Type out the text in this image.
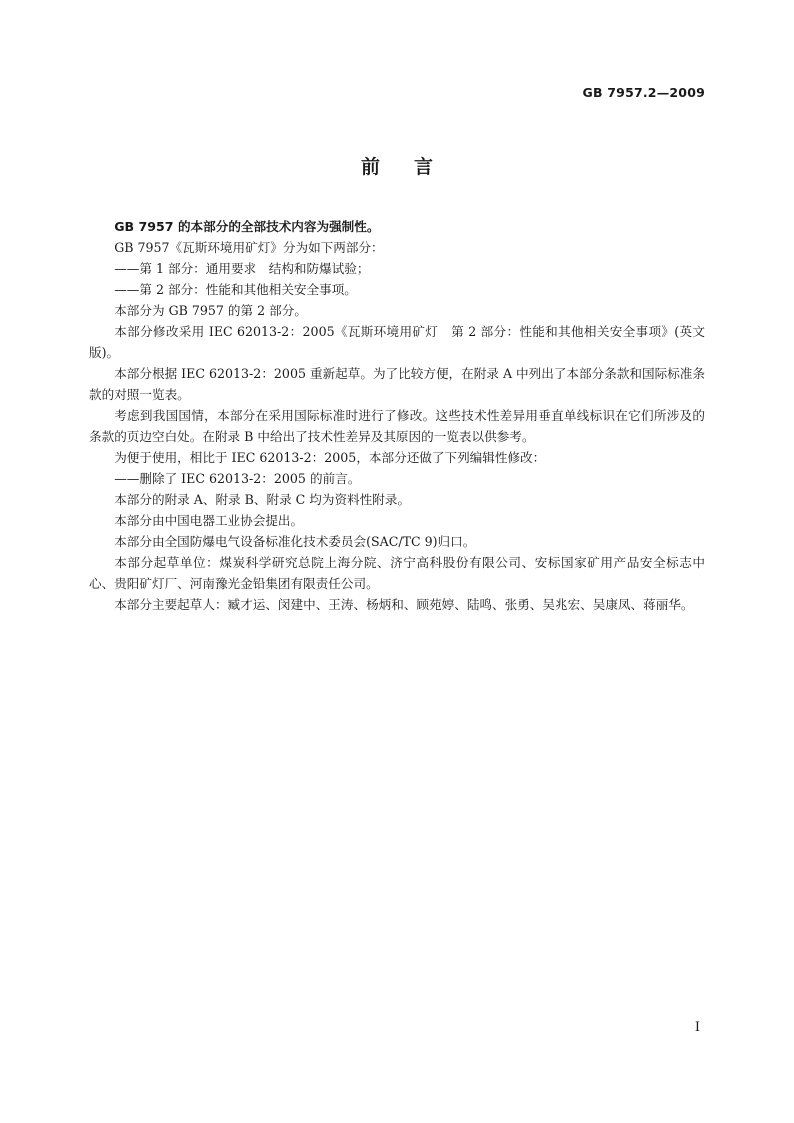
GB 7957.2—2009
前言

GB 7957 的本部分的全部技术内容为强制性。

GB 7957《瓦斯环境用矿灯》分为如下两部分：

——第 1 部分：通用要求　结构和防爆试验；

——第 2 部分：性能和其他相关安全事项。

本部分为 GB 7957 的第 2 部分。

本部分修改采用 IEC 62013-2：2005《瓦斯环境用矿灯　第 2 部分：性能和其他相关安全事项》(英文版)。

本部分根据 IEC 62013-2：2005 重新起草。为了比较方便，在附录 A 中列出了本部分条款和国际标准条款的对照一览表。

考虑到我国国情，本部分在采用国际标准时进行了修改。这些技术性差异用垂直单线标识在它们所涉及的条款的页边空白处。在附录 B 中给出了技术性差异及其原因的一览表以供参考。

为便于使用，相比于 IEC 62013-2：2005，本部分还做了下列编辑性修改：

——删除了 IEC 62013-2：2005 的前言。

本部分的附录 A、附录 B、附录 C 均为资料性附录。

本部分由中国电器工业协会提出。

本部分由全国防爆电气设备标准化技术委员会(SAC/TC 9)归口。

本部分起草单位：煤炭科学研究总院上海分院、济宁高科股份有限公司、安标国家矿用产品安全标志中心、贵阳矿灯厂、河南豫光金铅集团有限责任公司。

本部分主要起草人：臧才运、闵建中、王涛、杨炳和、顾苑婷、陆鸣、张勇、吴兆宏、吴康凤、蒋丽华。

I
